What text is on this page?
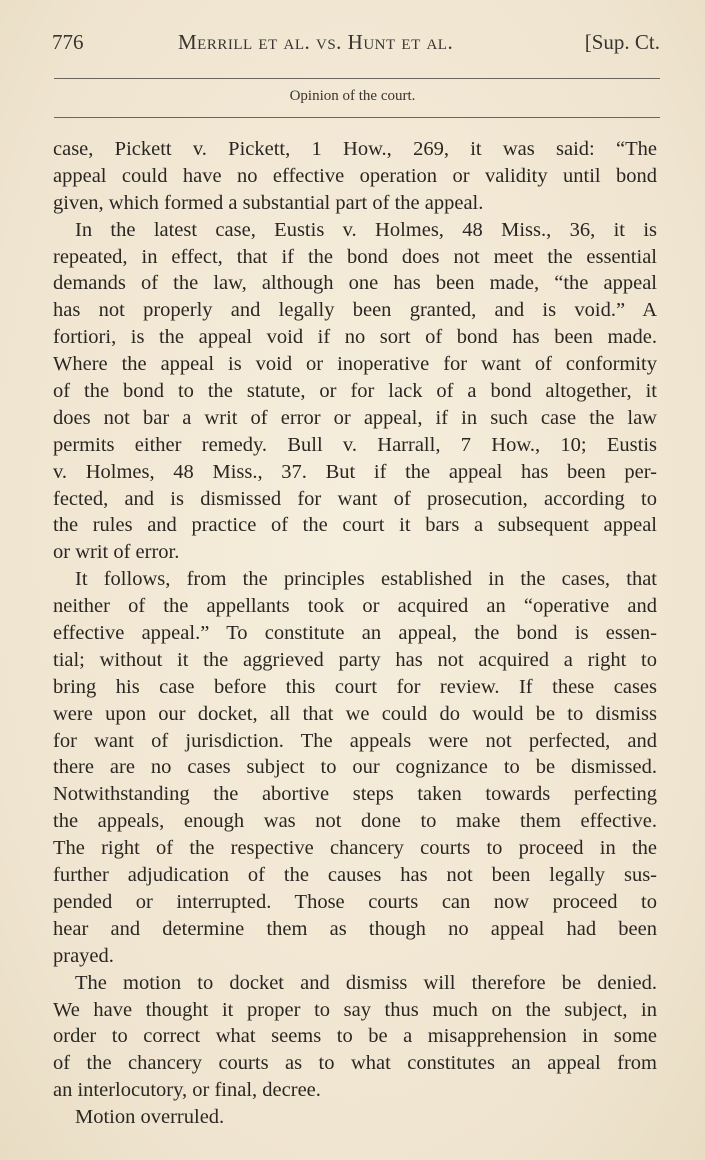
776	Merrill et al. vs. Hunt et al.	[Sup. Ct.
Opinion of the court.
case, Pickett v. Pickett, 1 How., 269, it was said: “The
appeal could have no effective operation or validity until bond
given, which formed a substantial part of the appeal.
In the latest case, Eustis v. Holmes, 48 Miss., 36, it is
repeated, in effect, that if the bond does not meet the essential
demands of the law, although one has been made, “the appeal
has not properly and legally been granted, and is void.” A
fortiori, is the appeal void if no sort of bond has been made.
Where the appeal is void or inoperative for want of conformity
of the bond to the statute, or for lack of a bond altogether, it
does not bar a writ of error or appeal, if in such case the law
permits either remedy. Bull v. Harrall, 7 How., 10; Eustis
v. Holmes, 48 Miss., 37. But if the appeal has been per-
fected, and is dismissed for want of prosecution, according to
the rules and practice of the court it bars a subsequent appeal
or writ of error.
It follows, from the principles established in the cases, that
neither of the appellants took or acquired an “operative and
effective appeal.” To constitute an appeal, the bond is essen-
tial; without it the aggrieved party has not acquired a right to
bring his case before this court for review. If these cases
were upon our docket, all that we could do would be to dismiss
for want of jurisdiction. The appeals were not perfected, and
there are no cases subject to our cognizance to be dismissed.
Notwithstanding the abortive steps taken towards perfecting
the appeals, enough was not done to make them effective.
The right of the respective chancery courts to proceed in the
further adjudication of the causes has not been legally sus-
pended or interrupted. Those courts can now proceed to
hear and determine them as though no appeal had been
prayed.
The motion to docket and dismiss will therefore be denied.
We have thought it proper to say thus much on the subject, in
order to correct what seems to be a misapprehension in some
of the chancery courts as to what constitutes an appeal from
an interlocutory, or final, decree.
Motion overruled.
